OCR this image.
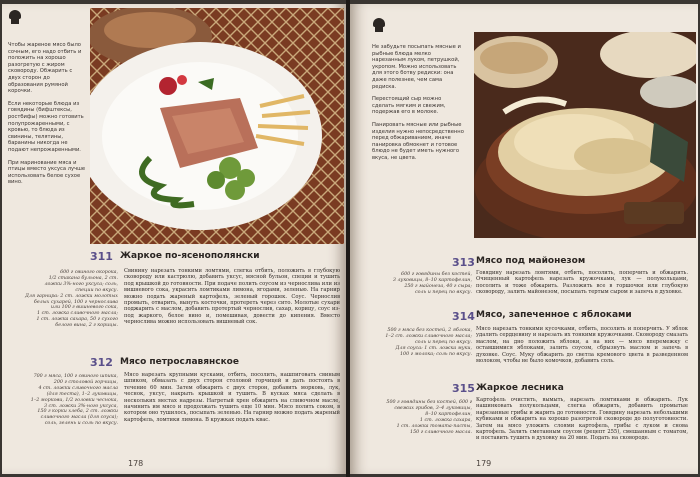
Чтобы жареное мясо было сочным, его надо отбить и положить на хорошо разогретую с жиром сковороду. Обжарить с двух сторон до образования румяной корочки.

Если некоторые блюда из говядины (бифштексы, ростбифы) можно готовить полупрожаренными, с кровью, то блюда из свинины, телятины, баранины никогда не подают непрожаренными.

При маринование мяса и птицы вместо уксуса лучше использовать белое сухое вино.

311 Жаркое по-ясенополянски
600 г свиного окорока,
1/2 стакана бульона, 2 ст.
ложки 3%-ного уксуса; соль,
специи по вкусу.
Для гарнира: 2 ст. ложки молотых
белых сухарей, 100 г чернослива
или 100 г вишневого сока,
1 ст. ложка сливочного масла;
1 ст. ложка сахара, 50 г сухого
белого вина, 2 г корицы.
Свинину нарезать тонкими ломтями, слегка отбить, положить в глубокую сковороду или кастрюлю, добавить уксус, мясной бульон, специи и тушить под крышкой до готовности. При подаче полить соусом из чернослива или из вишневого сока, украсить ломтиками лимона, ягодами, зеленью. На гарнир можно подать жареный картофель, зеленый горошек. Соус. Чернослив промыть, отварить, вынуть косточки, протереть через сито. Молотые сухари поджарить с маслом, добавить протертый чернослив, сахар, корицу, соус из-под жаркого, белое вино и, помешивая, довести до кипения. Вместо чернослива можно использовать вишневый сок.
312 Мясо петрославянское
700 г мяса, 100 г свиного шпика,
200 г столовой горчицы,
4 ст. ложки сливочного масла
(для теста), 1–2 луковицы,
1–2 моркови, 1/2 головки чеснока,
3 ст. ложки 3%-ного уксуса,
150 г корки хлеба, 2 ст. ложки
сливочного масла (для соуса);
соль, зелень и соль по вкусу.
Мясо нарезать крупными кусками, отбить, посолить, нашпиговать свиным шпиком, обмазать с двух сторон столовой горчицей и дать постоять в течение 60 мин. Затем обжарить с двух сторон, добавить морковь, лук, чеснок, уксус, накрыть крышкой и тушить. В кусках мяса сделать в нескольких местах надрезы. Нагретый хрен обжарить на сливочном масле, начинить им мясо и продолжать тушить еще 10 мин. Мясо полить соком, в котором оно тушилось, посыпать зеленью. На гарнир можно подать жареный картофель, ломтики лимона. В кружках подать квас.
178

Не забудьте посыпать мясные и рыбные блюда мелко нарезанным луком, петрушкой, укропом. Можно использовать для этого ботву редиски: она даже полезнее, чем сама редиска.

Перестоящий сыр можно сделать мягким и свежим, подержав его в молоке.

Панировать мясные или рыбные изделия нужно непосредственно перед обжариванием, иначе панировка обмокнет и готовое блюдо не будет иметь нужного вкуса, не цвета.

313 Мясо под майонезом
600 г говядины без костей,
3 луковицы, 8–10 картофелин,
250 г майонеза, 40 г сыра;
соль и перец по вкусу.
Говядину нарезать ломтями, отбить, посолить, поперчить и обжарить. Очищенный картофель нарезать кружочками, лук — полукольцами, посолить и тоже обжарить. Разложить все в горшочки или глубокую сковороду, залить майонезом, посыпать тертым сыром и запечь в духовке.
314 Мясо, запеченное с яблоками
500 г мяса без костей, 2 яблока,
1–2 ст. ложки сливочного масла;
соль и перец по вкусу.
Для соуса: 1 ст. ложка муки,
100 г молока; соль по вкусу.
Мясо нарезать тонкими кусочками, отбить, посолить и поперчить. У яблок удалить сердцевину и нарезать их тонкими кружочками. Сковороду смазать маслом, на дно положить яблоки, а на них — мясо вперемежку с оставшимися яблоками, залить соусом, сбрызнуть маслом и запечь в духовке. Соус. Муку обжарить до светла кремового цвета в разведенном молоком, чтобы не было комочков, добавить соль.
315 Жаркое лесника
500 г говядины без костей, 600 г
свежих грибов, 3–4 луковицы,
8–10 картофелин,
1 ст. ложка сахара,
1 ст. ложка томата-пасты,
150 г сливочного масла.
Картофель очистить, вымыть, нарезать ломтиками и обжарить. Лук нашинковать полукольцами, слегка обжарить, добавить промытые нарезанные грибы и жарить до готовности. Говядину нарезать небольшими кубиками и обжарить на хорошо разогретой сковороде до полуготовности. Затем на мясо уложить слоями картофель, грибы с луком и снова картофель. Залить сметанным соусом (рецепт 255), смешанным с томатом, и поставить тушить в духовку на 20 мин. Подать на сковороде.
179
